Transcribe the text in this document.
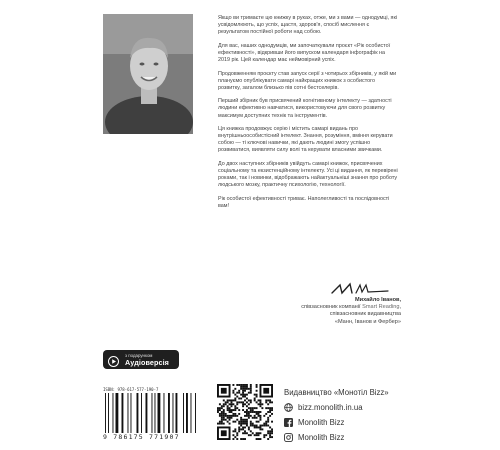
Якщо ви тримаєте цю книжку в руках, отже, ми з вами — однодумці, які усвідомлюють, що успіх, щастя, здоров'я, спосіб мислення є результатом постійної роботи над собою.

Для вас, наших однодумців, ми започаткували проєкт «Рік особистої ефективності», відкривши його випуском календаря інфографік на 2019 рік. Цей календар має неймовірний успіх.

Продовженням проєкту став запуск серії з чотирьох збірників, у якій ми плануємо опублікувати самарі найкращих книжок з особистого розвитку, загалом близько пів сотні бестселерів.

Перший збірник був присвячений когнітивному інтелекту — здатності людини ефективно навчатися, використовуючи для свого розвитку максимум доступних технік та інструментів.

Ця книжка продовжує серію і містить самарі видань про внутрішньоособистісний інтелект. Знання, розуміння, вміння керувати собою — ті ключові навички, які дають людині змогу успішно розвиватися, виявляти силу волі та керувати власними звичками.

До двох наступних збірників увійдуть самарі книжок, присвячених соціальному та екзистенційному інтелекту. Усі ці видання, як перевірені роками, так і новинки, відображають найактуальніші знання про роботу людського мозку, практичну психологію, технології.

Рік особистої ефективності триває. Наполегливості та послідовності вам!

Михайло Іванов,
співзасновник компанії Smart Reading,
співзасновник видавництва
«Манн, Іванов и Фербер»
з подарунком
Аудіоверсія
ISBN: 978-617-577-190-7
9 786175 771907
Видавництво «Монотіл Bizz»
bizz.monolith.in.ua
Monolith Bizz
Monolith Bizz
